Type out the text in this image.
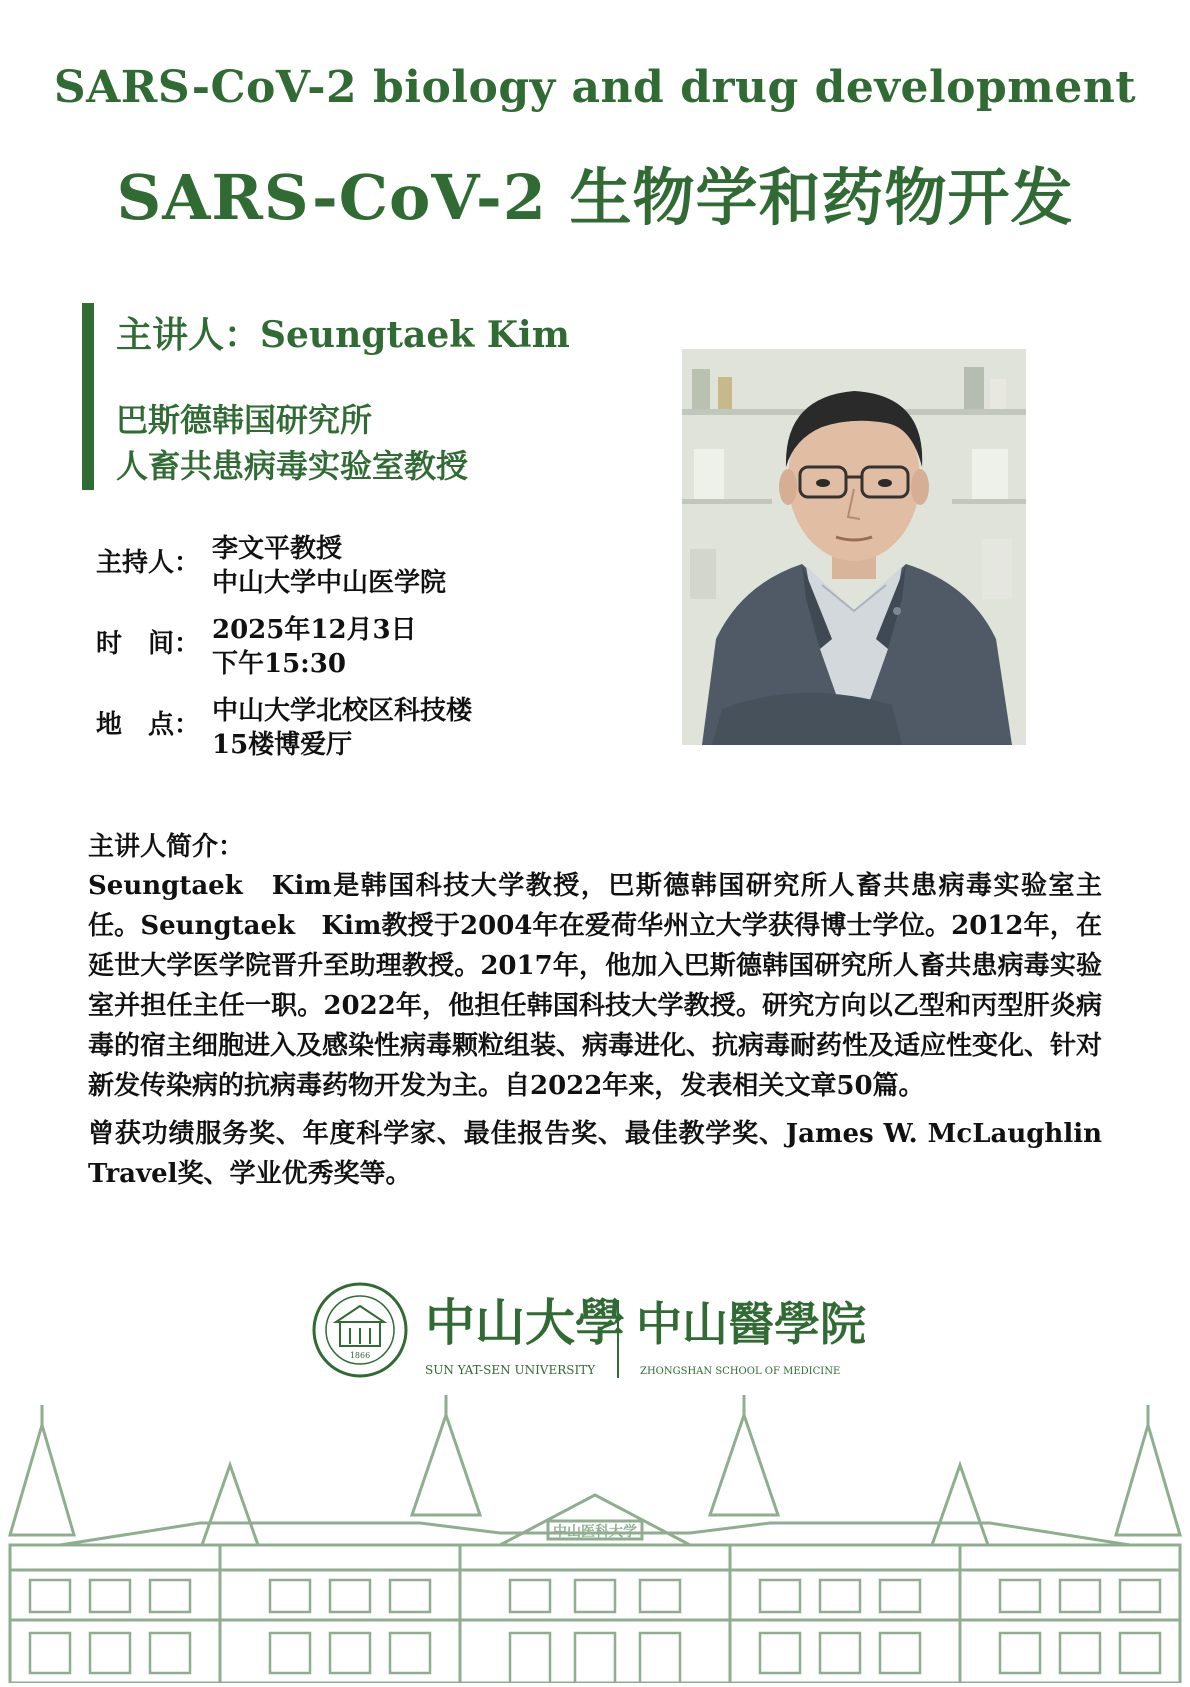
SARS-CoV-2 biology and drug development
SARS-CoV-2 生物学和药物开发
主讲人：Seungtaek Kim
巴斯德韩国研究所
人畜共患病毒实验室教授
主持人： 李文平教授
中山大学中山医学院
时　间： 2025年12月3日
下午15:30
地　点： 中山大学北校区科技楼
15楼博爱厅
主讲人简介：

Seungtaek　Kim是韩国科技大学教授，巴斯德韩国研究所人畜共患病毒实验室主任。Seungtaek　Kim教授于2004年在爱荷华州立大学获得博士学位。2012年，在延世大学医学院晋升至助理教授。2017年，他加入巴斯德韩国研究所人畜共患病毒实验室并担任主任一职。2022年，他担任韩国科技大学教授。研究方向以乙型和丙型肝炎病毒的宿主细胞进入及感染性病毒颗粒组装、病毒进化、抗病毒耐药性及适应性变化、针对新发传染病的抗病毒药物开发为主。自2022年来，发表相关文章50篇。

曾获功绩服务奖、年度科学家、最佳报告奖、最佳教学奖、James W. McLaughlin Travel奖、学业优秀奖等。

1866
中山大學
SUN YAT-SEN UNIVERSITY
中山醫學院
ZHONGSHAN SCHOOL OF MEDICINE
中山医科大学
